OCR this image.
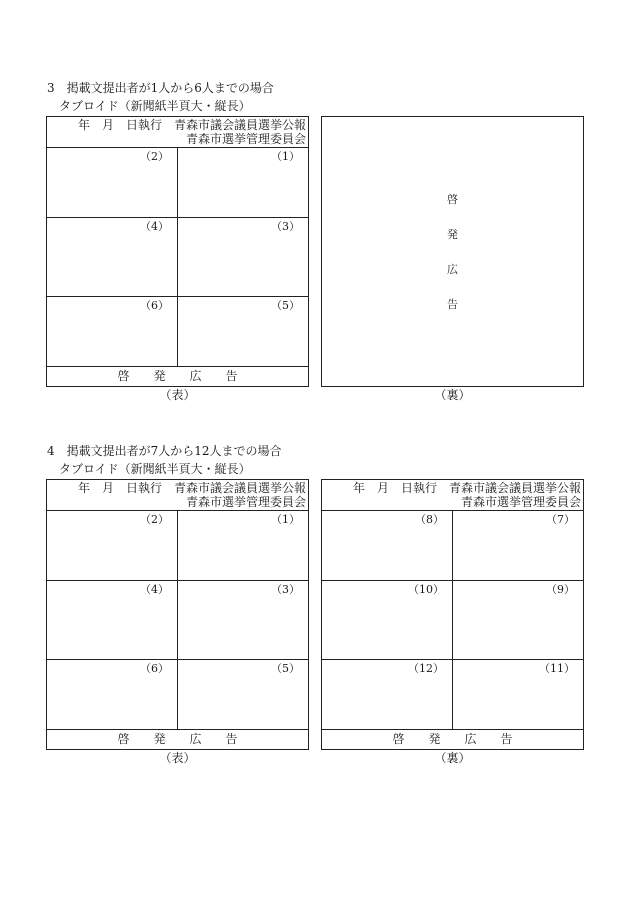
3　掲載文提出者が1人から6人までの場合
タブロイド（新聞紙半頁大・縦長）
年　月　日執行　青森市議会議員選挙公報
青森市選挙管理委員会
（2）	（1）
（4）	（3）
（6）	（5）
啓　　発　　広　　告
（表）
啓
発
広
告
（裏）
4　掲載文提出者が7人から12人までの場合
タブロイド（新聞紙半頁大・縦長）
年　月　日執行　青森市議会議員選挙公報
青森市選挙管理委員会
（2）	（1）
（4）	（3）
（6）	（5）
啓　　発　　広　　告
（表）
年　月　日執行　青森市議会議員選挙公報
青森市選挙管理委員会
（8）	（7）
（10）	（9）
（12）	（11）
啓　　発　　広　　告
（裏）
